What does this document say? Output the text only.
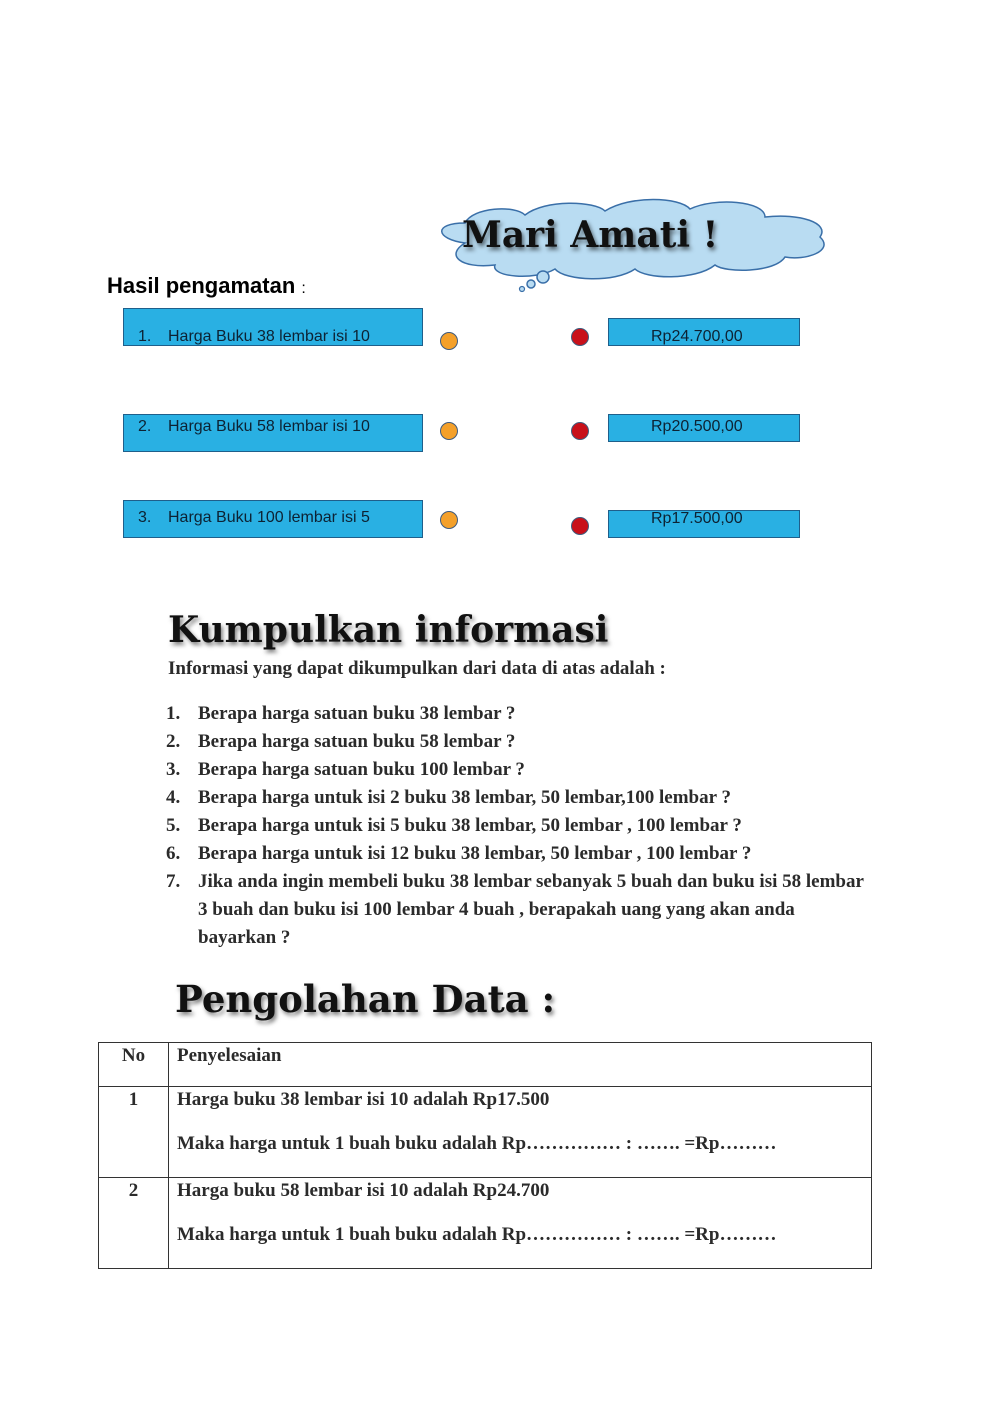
Mari Amati !
Hasil pengamatan :
1. Harga Buku 38 lembar isi 10	Rp24.700,00
2. Harga Buku 58 lembar isi 10	Rp20.500,00
3. Harga Buku 100 lembar isi 5	Rp17.500,00
Kumpulkan informasi
Informasi yang dapat dikumpulkan dari data di atas adalah :
1. Berapa harga satuan buku 38 lembar ?
2. Berapa harga satuan buku 58 lembar ?
3. Berapa harga satuan buku 100 lembar ?
4. Berapa harga untuk isi 2 buku 38 lembar, 50 lembar,100 lembar ?
5. Berapa harga untuk isi 5 buku 38 lembar, 50 lembar , 100 lembar ?
6. Berapa harga untuk isi 12 buku 38 lembar, 50 lembar , 100 lembar ?
7. Jika anda ingin membeli buku 38 lembar sebanyak 5 buah dan buku isi 58 lembar 3 buah dan buku isi 100 lembar 4 buah , berapakah uang yang akan anda bayarkan ?
Pengolahan Data :
No	Penyelesaian
1	Harga buku 38 lembar isi 10 adalah Rp17.500

Maka harga untuk 1 buah buku adalah Rp…………… : ……. =Rp………

2	Harga buku 58 lembar isi 10 adalah Rp24.700

Maka harga untuk 1 buah buku adalah Rp…………… : ……. =Rp………
